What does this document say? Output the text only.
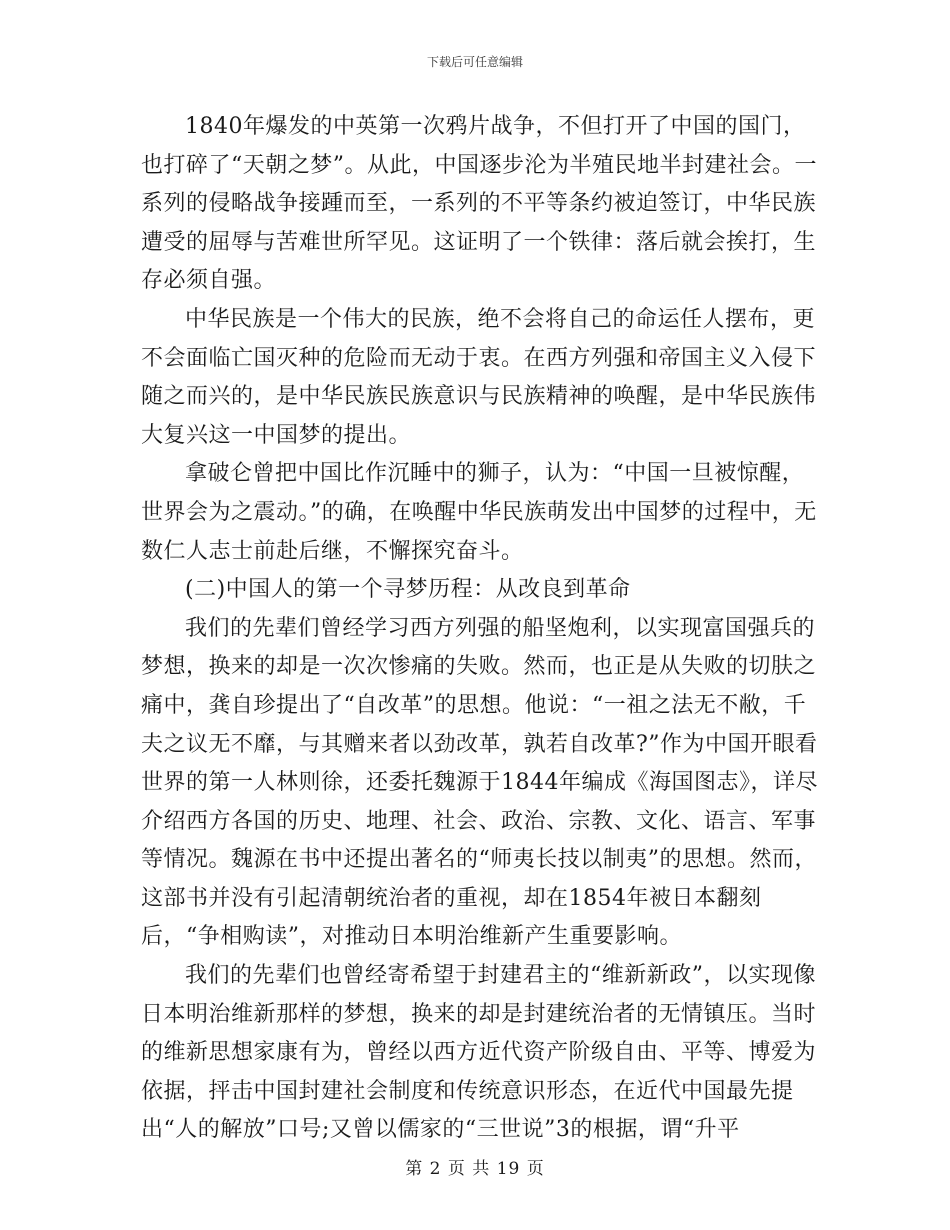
下载后可任意编辑

1840年爆发的中英第一次鸦片战争，不但打开了中国的国门，也打碎了“天朝之梦”。从此，中国逐步沦为半殖民地半封建社会。一系列的侵略战争接踵而至，一系列的不平等条约被迫签订，中华民族遭受的屈辱与苦难世所罕见。这证明了一个铁律：落后就会挨打，生存必须自强。

中华民族是一个伟大的民族，绝不会将自己的命运任人摆布，更不会面临亡国灭种的危险而无动于衷。在西方列强和帝国主义入侵下随之而兴的，是中华民族民族意识与民族精神的唤醒，是中华民族伟大复兴这一中国梦的提出。

拿破仑曾把中国比作沉睡中的狮子，认为：“中国一旦被惊醒，世界会为之震动。”的确，在唤醒中华民族萌发出中国梦的过程中，无数仁人志士前赴后继，不懈探究奋斗。

(二)中国人的第一个寻梦历程：从改良到革命

我们的先辈们曾经学习西方列强的船坚炮利，以实现富国强兵的梦想，换来的却是一次次惨痛的失败。然而，也正是从失败的切肤之痛中，龚自珍提出了“自改革”的思想。他说：“一祖之法无不敝，千夫之议无不靡，与其赠来者以劲改革，孰若自改革?”作为中国开眼看世界的第一人林则徐，还委托魏源于1844年编成《海国图志》，详尽介绍西方各国的历史、地理、社会、政治、宗教、文化、语言、军事等情况。魏源在书中还提出著名的“师夷长技以制夷”的思想。然而，这部书并没有引起清朝统治者的重视，却在1854年被日本翻刻后，“争相购读”，对推动日本明治维新产生重要影响。

我们的先辈们也曾经寄希望于封建君主的“维新新政”，以实现像日本明治维新那样的梦想，换来的却是封建统治者的无情镇压。当时的维新思想家康有为，曾经以西方近代资产阶级自由、平等、博爱为依据，抨击中国封建社会制度和传统意识形态，在近代中国最先提出“人的解放”口号;又曾以儒家的“三世说”3的根据，谓“升平

第 2 页 共 19 页
